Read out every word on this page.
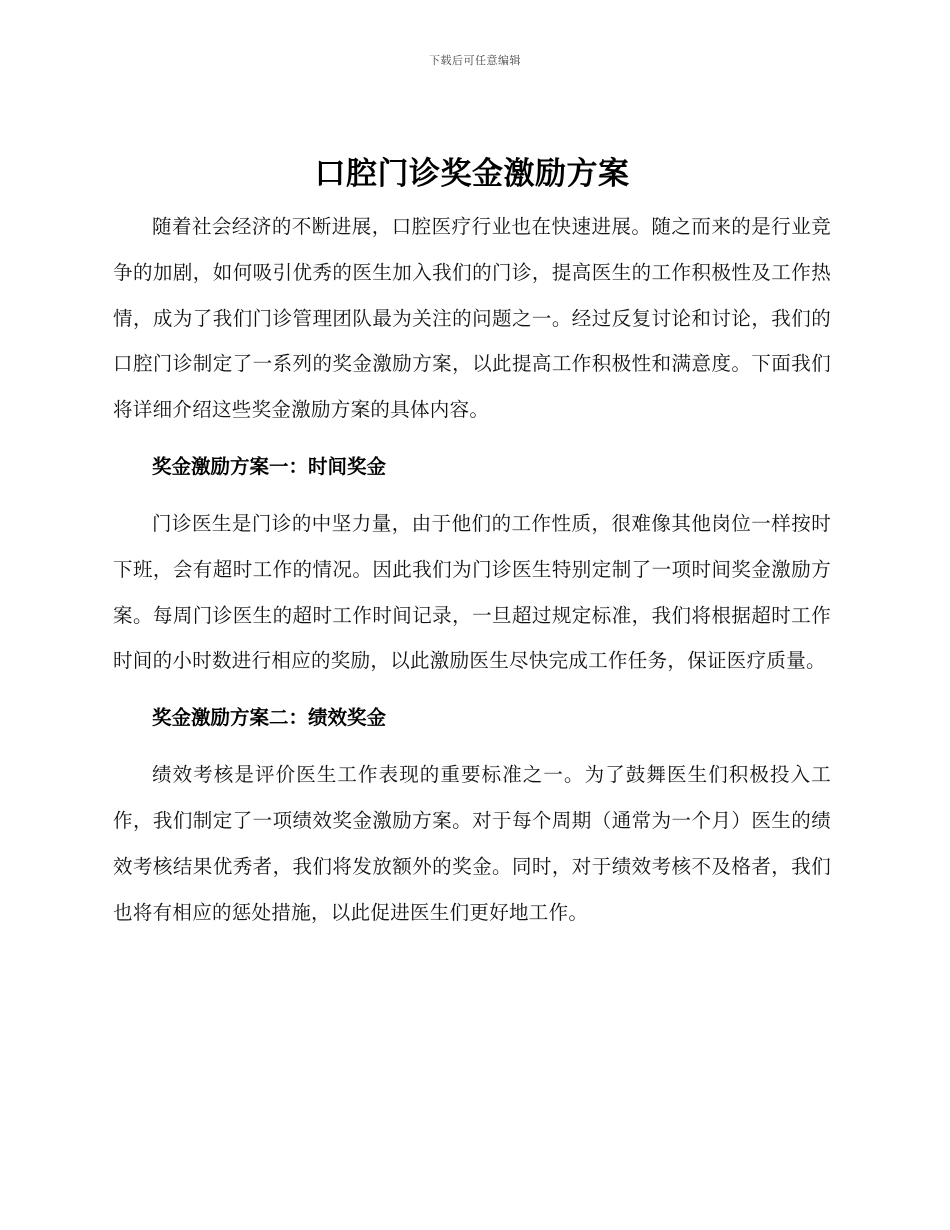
下载后可任意编辑
口腔门诊奖金激励方案

随着社会经济的不断进展，口腔医疗行业也在快速进展。随之而来的是行业竞争的加剧，如何吸引优秀的医生加入我们的门诊，提高医生的工作积极性及工作热情，成为了我们门诊管理团队最为关注的问题之一。经过反复讨论和讨论，我们的口腔门诊制定了一系列的奖金激励方案，以此提高工作积极性和满意度。下面我们将详细介绍这些奖金激励方案的具体内容。

奖金激励方案一：时间奖金

门诊医生是门诊的中坚力量，由于他们的工作性质，很难像其他岗位一样按时下班，会有超时工作的情况。因此我们为门诊医生特别定制了一项时间奖金激励方案。每周门诊医生的超时工作时间记录，一旦超过规定标准，我们将根据超时工作时间的小时数进行相应的奖励，以此激励医生尽快完成工作任务，保证医疗质量。

奖金激励方案二：绩效奖金

绩效考核是评价医生工作表现的重要标准之一。为了鼓舞医生们积极投入工作，我们制定了一项绩效奖金激励方案。对于每个周期（通常为一个月）医生的绩效考核结果优秀者，我们将发放额外的奖金。同时，对于绩效考核不及格者，我们也将有相应的惩处措施，以此促进医生们更好地工作。
